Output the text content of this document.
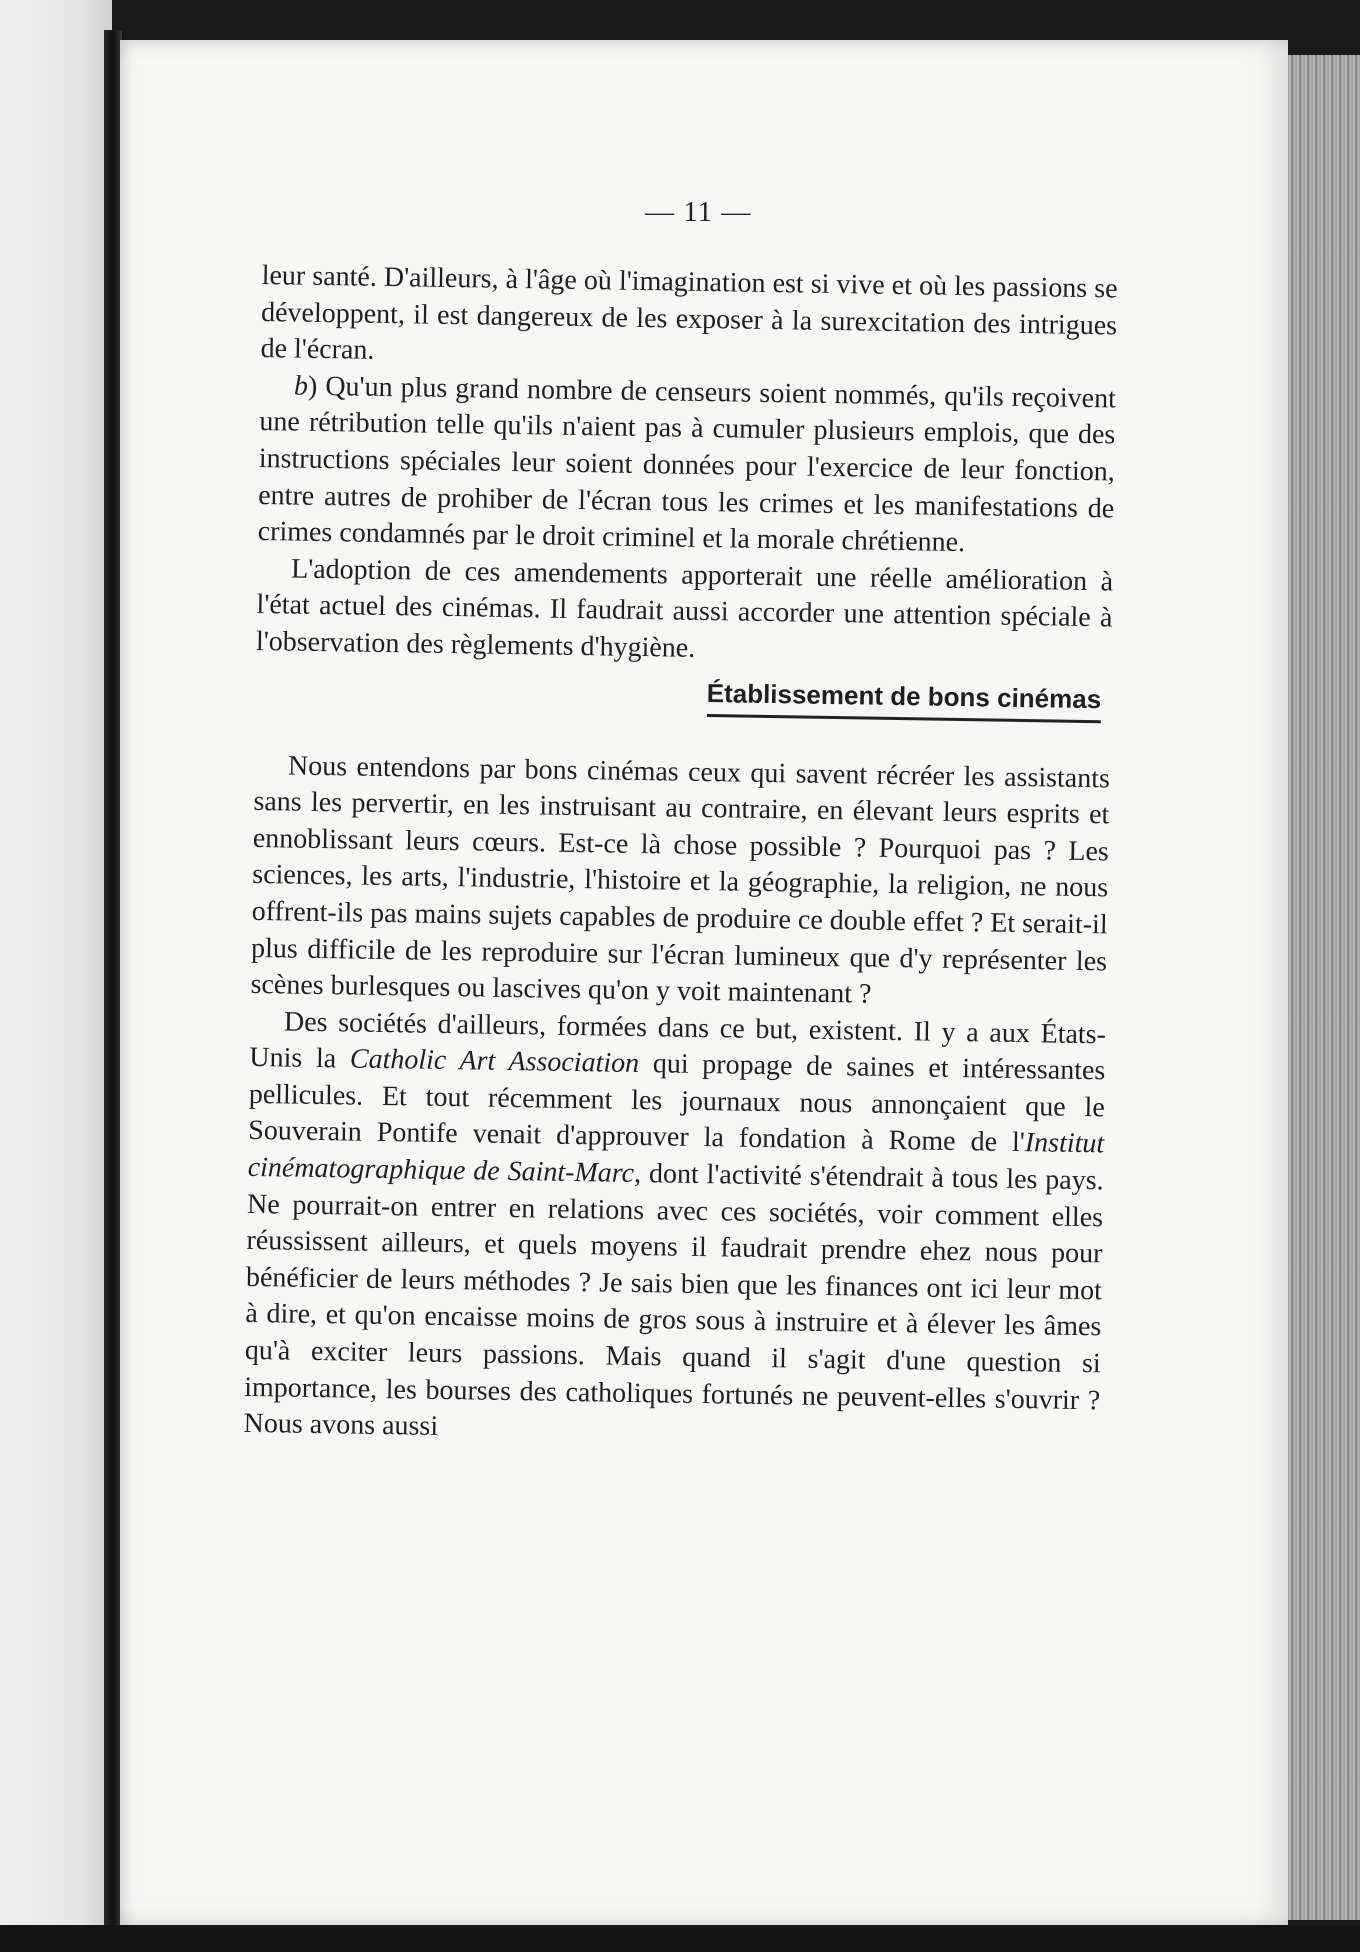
— 11 —

leur santé. D'ailleurs, à l'âge où l'imagination est si vive et où les passions se développent, il est dangereux de les exposer à la surexcitation des intrigues de l'écran.

b) Qu'un plus grand nombre de censeurs soient nommés, qu'ils reçoivent une rétribution telle qu'ils n'aient pas à cumuler plusieurs emplois, que des instructions spéciales leur soient données pour l'exercice de leur fonction, entre autres de prohiber de l'écran tous les crimes et les manifestations de crimes condamnés par le droit criminel et la morale chrétienne.

L'adoption de ces amendements apporterait une réelle amélioration à l'état actuel des cinémas. Il faudrait aussi accorder une attention spéciale à l'observation des règlements d'hygiène.

Établissement de bons cinémas

Nous entendons par bons cinémas ceux qui savent récréer les assistants sans les pervertir, en les instruisant au contraire, en élevant leurs esprits et ennoblissant leurs cœurs. Est-ce là chose possible ? Pourquoi pas ? Les sciences, les arts, l'industrie, l'histoire et la géographie, la religion, ne nous offrent-ils pas mains sujets capables de produire ce double effet ? Et serait-il plus difficile de les reproduire sur l'écran lumineux que d'y représenter les scènes burlesques ou lascives qu'on y voit maintenant ?

Des sociétés d'ailleurs, formées dans ce but, existent. Il y a aux États-Unis la Catholic Art Association qui propage de saines et intéressantes pellicules. Et tout récemment les journaux nous annonçaient que le Souverain Pontife venait d'approuver la fondation à Rome de l'Institut cinématographique de Saint-Marc, dont l'activité s'étendrait à tous les pays. Ne pourrait-on entrer en relations avec ces sociétés, voir comment elles réussissent ailleurs, et quels moyens il faudrait prendre ehez nous pour bénéficier de leurs méthodes ? Je sais bien que les finances ont ici leur mot à dire, et qu'on encaisse moins de gros sous à instruire et à élever les âmes qu'à exciter leurs passions. Mais quand il s'agit d'une question si importance, les bourses des catholiques fortunés ne peuvent-elles s'ouvrir ? Nous avons aussi
